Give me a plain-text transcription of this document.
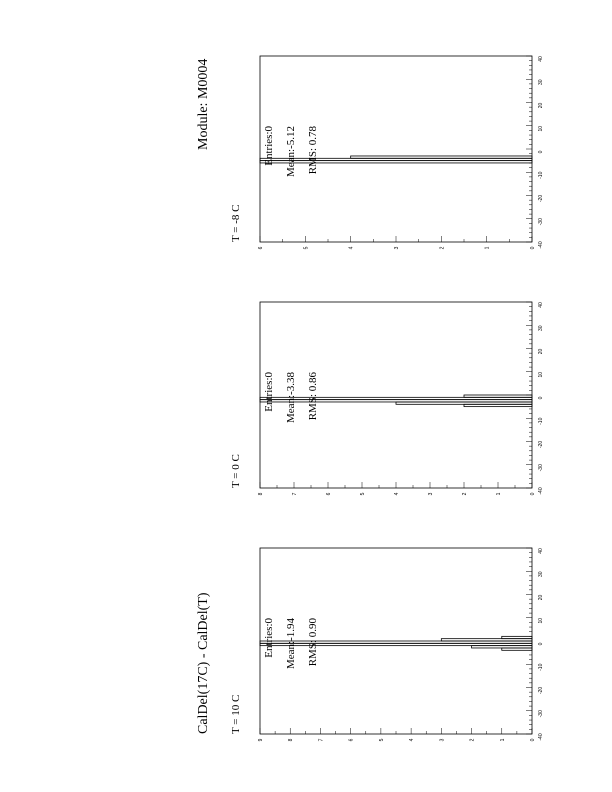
CalDel(17C) - CalDel(T)
Module: M0004
-40
-30
-20
-10
0
10
20
30
40
0
1
2
3
4
5
6
7
8
9
Entries:0 Mean:-1.94 RMS: 0.90
T = 10 C
-40
-30
-20
-10
0
10
20
30
40
0
1
2
3
4
5
6
7
8
Entries:0 Mean:-3.38 RMS: 0.86
T = 0 C
-40
-30
-20
-10
0
10
20
30
40
0
1
2
3
4
5
6
Entries:0 Mean:-5.12 RMS: 0.78
T = -8 C
